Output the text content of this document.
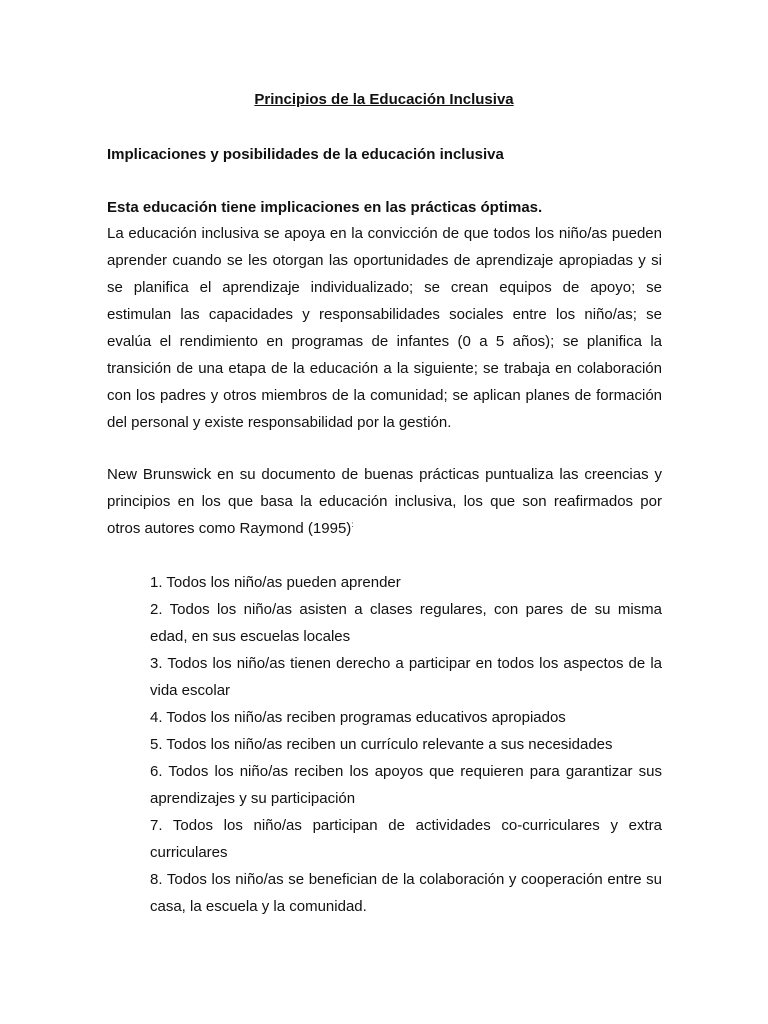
Principios de la Educación Inclusiva
Implicaciones y posibilidades de la educación inclusiva
Esta educación tiene implicaciones en las prácticas óptimas.

La educación inclusiva se apoya en la convicción de que todos los niño/as pueden aprender cuando se les otorgan las oportunidades de aprendizaje apropiadas y si se planifica el aprendizaje individualizado; se crean equipos de apoyo; se estimulan las capacidades y responsabilidades sociales entre los niño/as; se evalúa el rendimiento en programas de infantes (0 a 5 años); se planifica la transición de una etapa de la educación a la siguiente; se trabaja en colaboración con los padres y otros miembros de la comunidad; se aplican planes de formación del personal y existe responsabilidad por la gestión.

New Brunswick en su documento de buenas prácticas puntualiza las creencias y principios en los que basa la educación inclusiva, los que son reafirmados por otros autores como Raymond (1995):

1. Todos los niño/as pueden aprender
2. Todos los niño/as asisten a clases regulares, con pares de su misma edad, en sus escuelas locales
3. Todos los niño/as tienen derecho a participar en todos los aspectos de la vida escolar
4. Todos los niño/as reciben programas educativos apropiados
5. Todos los niño/as reciben un currículo relevante a sus necesidades
6. Todos los niño/as reciben los apoyos que requieren para garantizar sus aprendizajes y su participación
7. Todos los niño/as participan de actividades co-curriculares y extra curriculares
8. Todos los niño/as se benefician de la colaboración y cooperación entre su casa, la escuela y la comunidad.
